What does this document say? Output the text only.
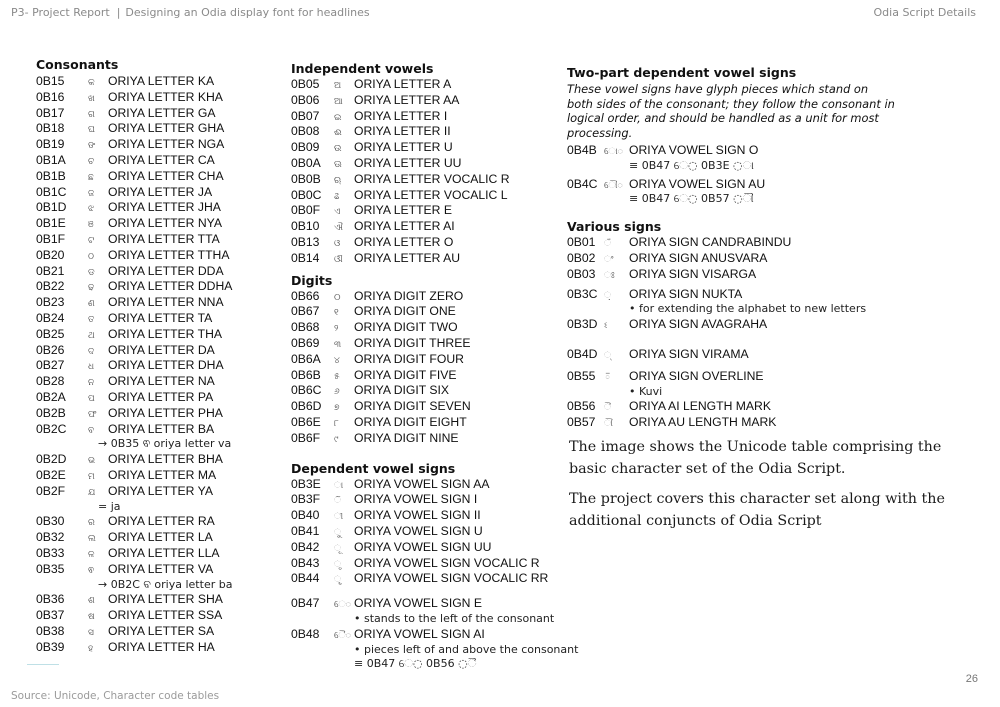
P3- Project Report | Designing an Odia display font for headlines	Odia Script Details
Consonants
0B15	କ	ORIYA LETTER KA
0B16	ଖ	ORIYA LETTER KHA
0B17	ଗ	ORIYA LETTER GA
0B18	ଘ	ORIYA LETTER GHA
0B19	ଙ	ORIYA LETTER NGA
0B1A	ଚ	ORIYA LETTER CA
0B1B	ଛ	ORIYA LETTER CHA
0B1C	ଜ	ORIYA LETTER JA
0B1D	ଝ	ORIYA LETTER JHA
0B1E	ଞ	ORIYA LETTER NYA
0B1F	ଟ	ORIYA LETTER TTA
0B20	ଠ	ORIYA LETTER TTHA
0B21	ଡ	ORIYA LETTER DDA
0B22	ଢ	ORIYA LETTER DDHA
0B23	ଣ	ORIYA LETTER NNA
0B24	ତ	ORIYA LETTER TA
0B25	ଥ	ORIYA LETTER THA
0B26	ଦ	ORIYA LETTER DA
0B27	ଧ	ORIYA LETTER DHA
0B28	ନ	ORIYA LETTER NA
0B2A	ପ	ORIYA LETTER PA
0B2B	ଫ ORIYA LETTER PHA
0B2C	ବ	ORIYA LETTER BA
→ 0B35 ଵ oriya letter va
0B2D	ଭ	ORIYA LETTER BHA
0B2E	ମ	ORIYA LETTER MA
0B2F	ଯ	ORIYA LETTER YA
= ja
0B30	ର	ORIYA LETTER RA
0B32	ଲ ORIYA LETTER LA
0B33	ଳ	ORIYA LETTER LLA
0B35	ଵ	ORIYA LETTER VA
→ 0B2C ବ oriya letter ba
0B36	ଶ	ORIYA LETTER SHA
0B37	ଷ	ORIYA LETTER SSA
0B38	ସ	ORIYA LETTER SA
0B39	ହ	ORIYA LETTER HA
Independent vowels
0B05	ଅ	ORIYA LETTER A
0B06	ଆ ORIYA LETTER AA
0B07	ଇ	ORIYA LETTER I
0B08	ଈ	ORIYA LETTER II
0B09	ଉ	ORIYA LETTER U
0B0A	ଊ	ORIYA LETTER UU
0B0B	ଋ	ORIYA LETTER VOCALIC R
0B0C	ଌ	ORIYA LETTER VOCALIC L
0B0F	ଏ	ORIYA LETTER E
0B10	ଐ ORIYA LETTER AI
0B13	ଓ	ORIYA LETTER O
0B14	ଔ ORIYA LETTER AU
Digits
0B66	୦	ORIYA DIGIT ZERO
0B67	୧	ORIYA DIGIT ONE
0B68	୨	ORIYA DIGIT TWO
0B69	୩	ORIYA DIGIT THREE
0B6A	୪	ORIYA DIGIT FOUR
0B6B	୫	ORIYA DIGIT FIVE
0B6C	୬	ORIYA DIGIT SIX
0B6D	୭	ORIYA DIGIT SEVEN
0B6E	୮	ORIYA DIGIT EIGHT
0B6F	୯	ORIYA DIGIT NINE
Dependent vowel signs
0B3E	◌ା ORIYA VOWEL SIGN AA
0B3F	◌ି	ORIYA VOWEL SIGN I
0B40	◌ୀ ORIYA VOWEL SIGN II
0B41	◌ୁ	ORIYA VOWEL SIGN U
0B42	◌ୂ	ORIYA VOWEL SIGN UU
0B43	◌ୃ	ORIYA VOWEL SIGN VOCALIC R
0B44	◌ୄ	ORIYA VOWEL SIGN VOCALIC RR
0B47	େ◌ ORIYA VOWEL SIGN E
• stands to the left of the consonant
0B48	ୈ◌ ORIYA VOWEL SIGN AI
• pieces left of and above the consonant
≡ 0B47 େ◌ 0B56 ◌ୖ
Two-part dependent vowel signs

These vowel signs have glyph pieces which stand on both sides of the consonant; they follow the consonant in logical order, and should be handled as a unit for most processing.

0B4B ୋ◌ ORIYA VOWEL SIGN O
≡ 0B47 େ◌ 0B3E ◌ା
0B4C ୌ◌ ORIYA VOWEL SIGN AU
≡ 0B47 େ◌ 0B57 ◌ୗ
Various signs
0B01 ◌ଁ	ORIYA SIGN CANDRABINDU
0B02 ◌ଂ	ORIYA SIGN ANUSVARA
0B03 ◌ଃ	ORIYA SIGN VISARGA
0B3C ◌଼	ORIYA SIGN NUKTA
• for extending the alphabet to new letters
0B3D ଽ	ORIYA SIGN AVAGRAHA
0B4D ◌୍	ORIYA SIGN VIRAMA
0B55 ◌୕	ORIYA SIGN OVERLINE
• Kuvi
0B56 ◌ୖ	ORIYA AI LENGTH MARK
0B57 ◌ୗ	ORIYA AU LENGTH MARK

The image shows the Unicode table comprising the basic character set of the Odia Script.

The project covers this character set along with the additional conjuncts of Odia Script

26
Source: Unicode, Character code tables
